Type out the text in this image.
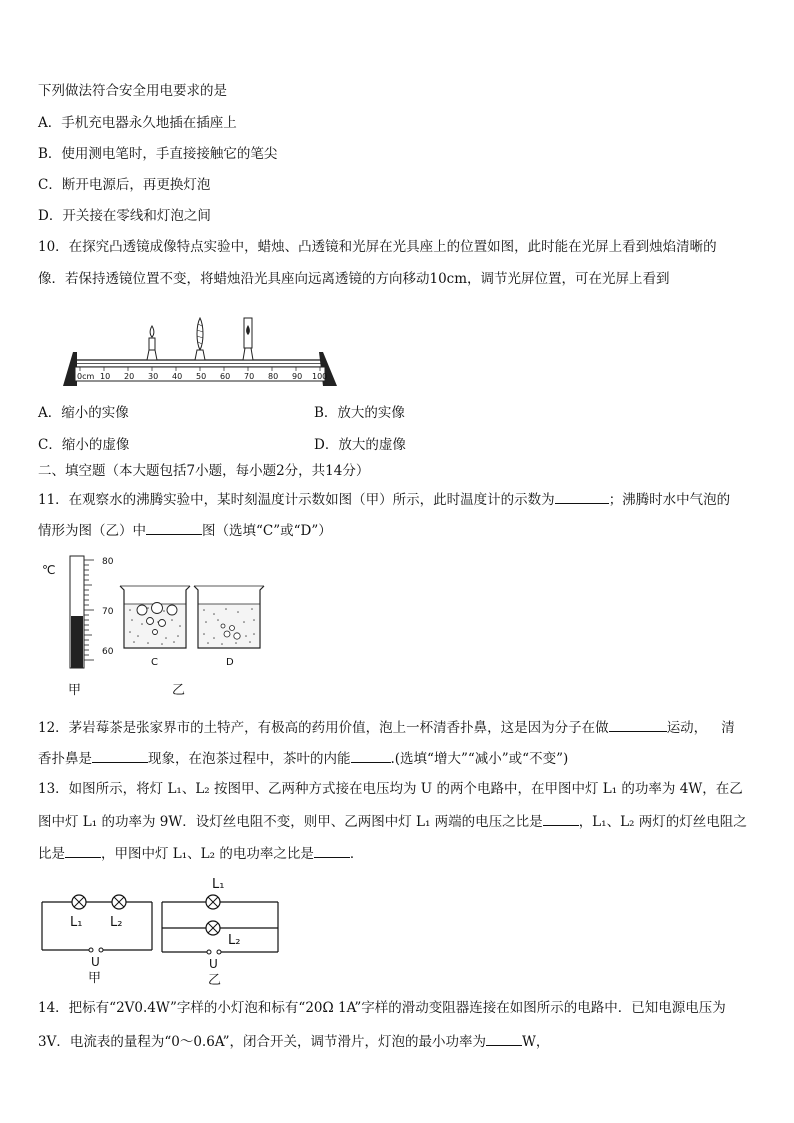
下列做法符合安全用电要求的是
A．手机充电器永久地插在插座上
B．使用测电笔时，手直接接触它的笔尖
C．断开电源后，再更换灯泡
D．开关接在零线和灯泡之间
10．在探究凸透镜成像特点实验中，蜡烛、凸透镜和光屏在光具座上的位置如图，此时能在光屏上看到烛焰清晰的
像．若保持透镜位置不变，将蜡烛沿光具座向远离透镜的方向移动10cm，调节光屏位置，可在光屏上看到
0cm 10 20 30 40 50 60 70 80 90 100
A．缩小的实像	B．放大的实像
C．缩小的虚像	D．放大的虚像
二、填空题（本大题包括7小题，每小题2分，共14分）
11．在观察水的沸腾实验中，某时刻温度计示数如图（甲）所示，此时温度计的示数为	；沸腾时水中气泡的
情形为图（乙）中	图（选填“C”或“D”）
℃
80
70
60
甲
C	D
乙
12．茅岩莓茶是张家界市的土特产，有极高的药用价值，泡上一杯清香扑鼻，这是因为分子在做	运动， 清
香扑鼻是	现象，在泡茶过程中，茶叶的内能	.(选填“增大”“减小”或“不变”)
13．如图所示，将灯 L₁、L₂ 按图甲、乙两种方式接在电压均为 U 的两个电路中，在甲图中灯 L₁ 的功率为 4W，在乙
图中灯 L₁ 的功率为 9W．设灯丝电阻不变，则甲、乙两图中灯 L₁ 两端的电压之比是	，L₁、L₂ 两灯的灯丝电阻之
比是	，甲图中灯 L₁、L₂ 的电功率之比是	．
L₁ L₂
U
甲
L₁
L₂
U
乙
14．把标有“2V0.4W”字样的小灯泡和标有“20Ω 1A”字样的滑动变阻器连接在如图所示的电路中．已知电源电压为
3V．电流表的量程为“0～0.6A”，闭合开关，调节滑片，灯泡的最小功率为	W，
